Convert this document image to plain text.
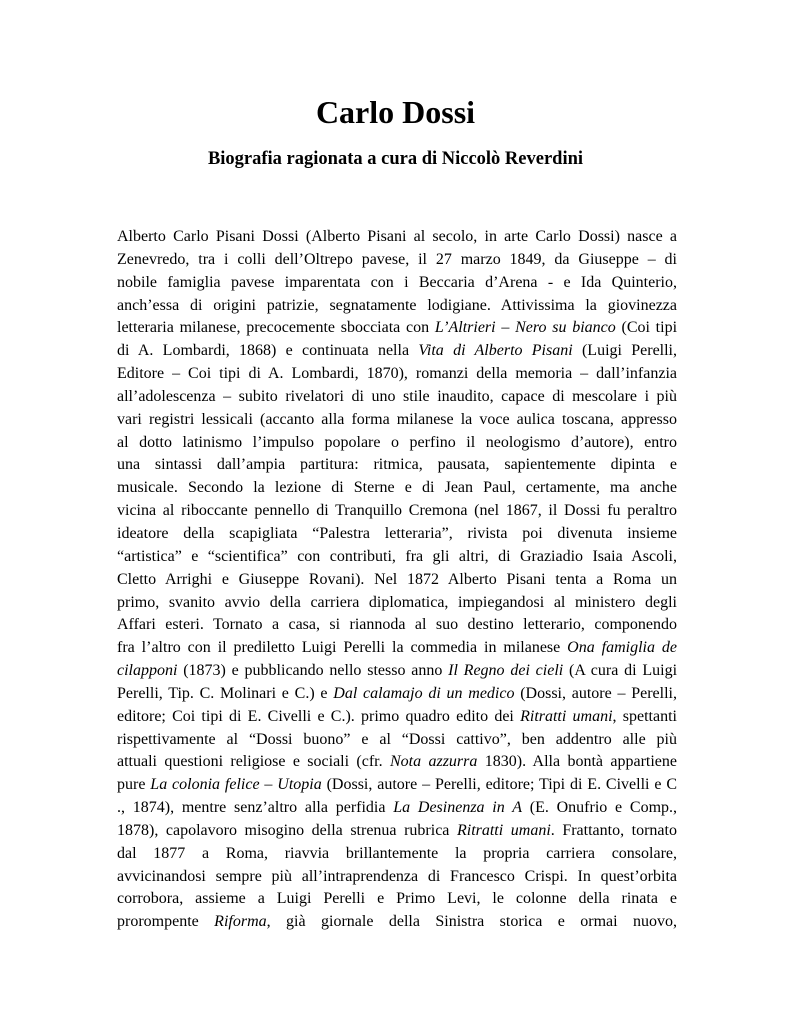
Carlo Dossi
Biografia ragionata a cura di Niccolò Reverdini
Alberto Carlo Pisani Dossi (Alberto Pisani al secolo, in arte Carlo Dossi) nasce a
Zenevredo, tra i colli dell’Oltrepo pavese, il 27 marzo 1849, da Giuseppe – di
nobile famiglia pavese imparentata con i Beccaria d’Arena - e Ida Quinterio,
anch’essa di origini patrizie, segnatamente lodigiane. Attivissima la giovinezza
letteraria milanese, precocemente sbocciata con L’Altrieri – Nero su bianco (Coi tipi
di A. Lombardi, 1868) e continuata nella Vita di Alberto Pisani (Luigi Perelli,
Editore – Coi tipi di A. Lombardi, 1870), romanzi della memoria – dall’infanzia
all’adolescenza – subito rivelatori di uno stile inaudito, capace di mescolare i più
vari registri lessicali (accanto alla forma milanese la voce aulica toscana, appresso
al dotto latinismo l’impulso popolare o perfino il neologismo d’autore), entro
una sintassi dall’ampia partitura: ritmica, pausata, sapientemente dipinta e
musicale. Secondo la lezione di Sterne e di Jean Paul, certamente, ma anche
vicina al riboccante pennello di Tranquillo Cremona (nel 1867, il Dossi fu peraltro
ideatore della scapigliata “Palestra letteraria”, rivista poi divenuta insieme
“artistica” e “scientifica” con contributi, fra gli altri, di Graziadio Isaia Ascoli,
Cletto Arrighi e Giuseppe Rovani). Nel 1872 Alberto Pisani tenta a Roma un
primo, svanito avvio della carriera diplomatica, impiegandosi al ministero degli
Affari esteri. Tornato a casa, si riannoda al suo destino letterario, componendo
fra l’altro con il prediletto Luigi Perelli la commedia in milanese Ona famiglia de
cilapponi (1873) e pubblicando nello stesso anno Il Regno dei cieli (A cura di Luigi
Perelli, Tip. C. Molinari e C.) e Dal calamajo di un medico (Dossi, autore – Perelli,
editore; Coi tipi di E. Civelli e C.). primo quadro edito dei Ritratti umani, spettanti
rispettivamente al “Dossi buono” e al “Dossi cattivo”, ben addentro alle più
attuali questioni religiose e sociali (cfr. Nota azzurra 1830). Alla bontà appartiene
pure La colonia felice – Utopia (Dossi, autore – Perelli, editore; Tipi di E. Civelli e C
., 1874), mentre senz’altro alla perfidia La Desinenza in A (E. Onufrio e Comp.,
1878), capolavoro misogino della strenua rubrica Ritratti umani. Frattanto, tornato
dal 1877 a Roma, riavvia brillantemente la propria carriera consolare,
avvicinandosi sempre più all’intraprendenza di Francesco Crispi. In quest’orbita
corrobora, assieme a Luigi Perelli e Primo Levi, le colonne della rinata e
prorompente Riforma, già giornale della Sinistra storica e ormai nuovo,
